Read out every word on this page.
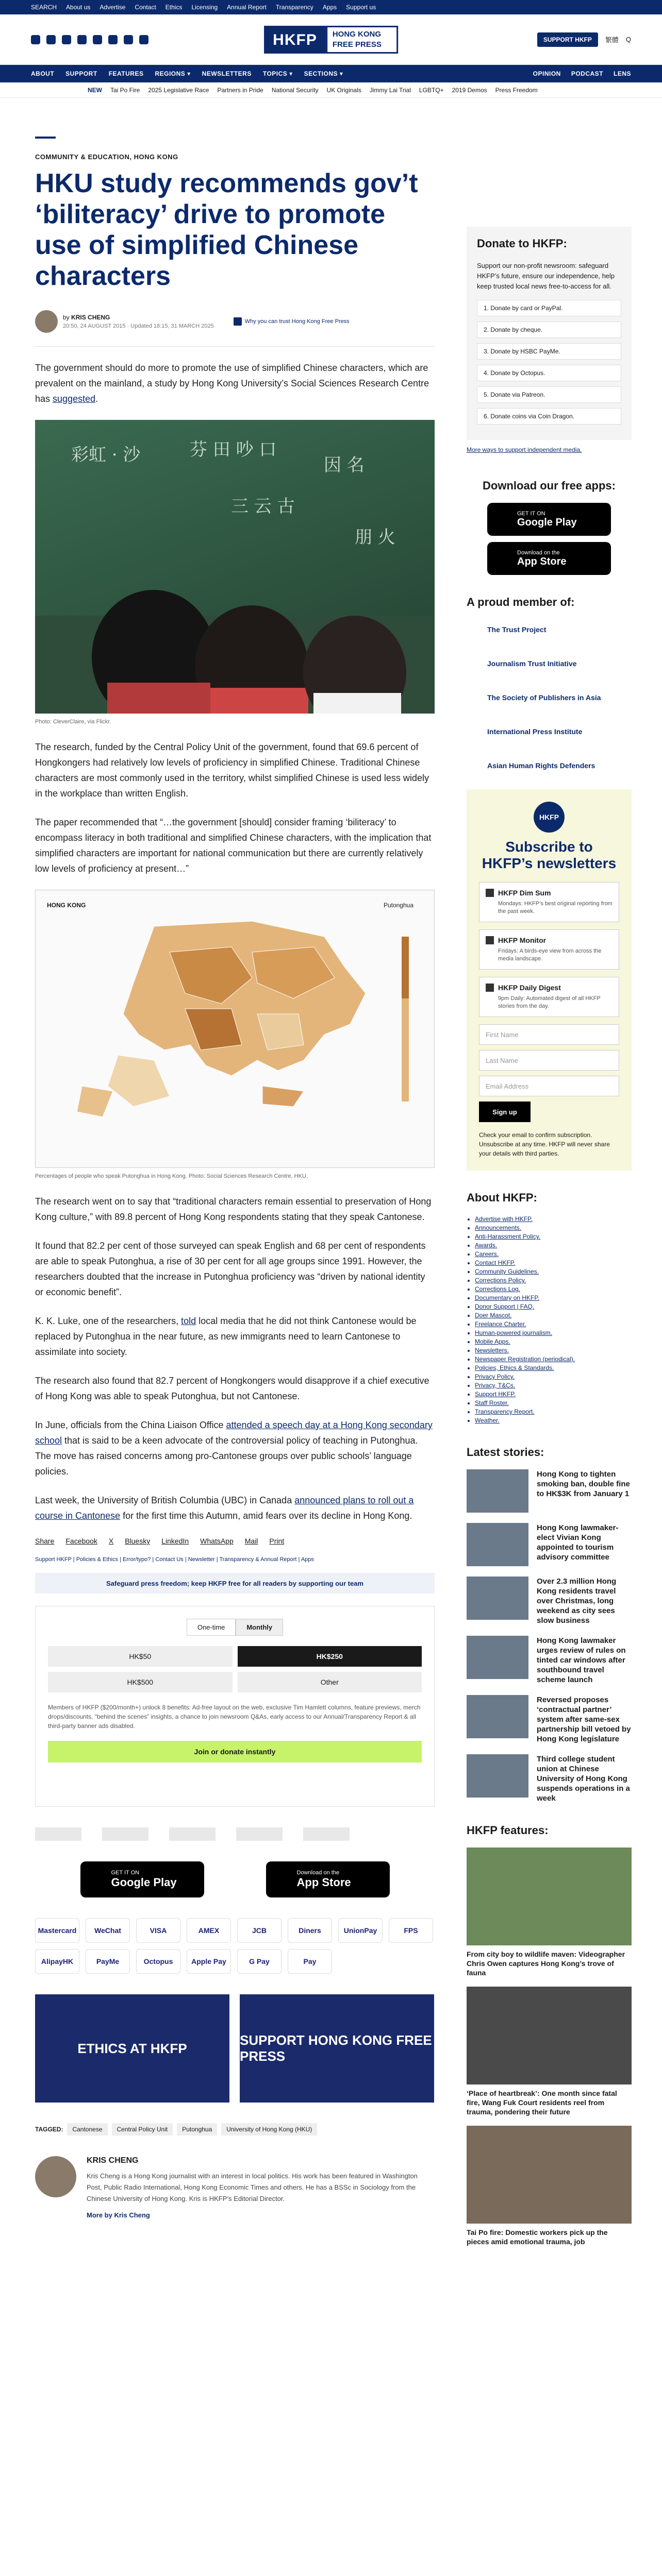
SEARCH About us Advertise Contact Ethics Licensing Annual Report Transparency Apps Support us
HKFP	HONG KONG FREE PRESS
SUPPORT HKFP	繁體 Q
ABOUT SUPPORT FEATURES REGIONS ▾ NEWSLETTERS TOPICS ▾ SECTIONS ▾	OPINION PODCAST LENS
NEW Tai Po Fire 2025 Legislative Race Partners in Pride National Security UK Originals Jimmy Lai Trial LGBTQ+ 2019 Demos Press Freedom
COMMUNITY & EDUCATION, HONG KONG
HKU study recommends gov’t ‘biliteracy’ drive to promote use of simplified Chinese characters
by KRIS CHENG
20:50, 24 AUGUST 2015 · Updated 18:15, 31 MARCH 2025
Why you can trust Hong Kong Free Press

The government should do more to promote the use of simplified Chinese characters, which are prevalent on the mainland, a study by Hong Kong University’s Social Sciences Research Centre has suggested.

彩虹 · 沙	芬 田 吵 口
因 名
三 云 古
朋 火
Photo: CleverClaire, via Flickr.

The research, funded by the Central Policy Unit of the government, found that 69.6 percent of Hongkongers had relatively low levels of proficiency in simplified Chinese. Traditional Chinese characters are most commonly used in the territory, whilst simplified Chinese is used less widely in the workplace than written English.

The paper recommended that “…the government [should] consider framing ‘biliteracy’ to encompass literacy in both traditional and simplified Chinese characters, with the implication that simplified characters are important for national communication but there are currently relatively low levels of proficiency at present…”

HONG KONG	Putonghua
Percentages of people who speak Putonghua in Hong Kong. Photo: Social Sciences Research Centre, HKU.

The research went on to say that “traditional characters remain essential to preservation of Hong Kong culture,” with 89.8 percent of Hong Kong respondents stating that they speak Cantonese.

It found that 82.2 per cent of those surveyed can speak English and 68 per cent of respondents are able to speak Putonghua, a rise of 30 per cent for all age groups since 1991. However, the researchers doubted that the increase in Putonghua proficiency was “driven by national identity or economic benefit”.

K. K. Luke, one of the researchers, told local media that he did not think Cantonese would be replaced by Putonghua in the near future, as new immigrants need to learn Cantonese to assimilate into society.

The research also found that 82.7 percent of Hongkongers would disapprove if a chief executive of Hong Kong was able to speak Putonghua, but not Cantonese.

In June, officials from the China Liaison Office attended a speech day at a Hong Kong secondary school that is said to be a keen advocate of the controversial policy of teaching in Putonghua. The move has raised concerns among pro-Cantonese groups over public schools’ language policies.

Last week, the University of British Columbia (UBC) in Canada announced plans to roll out a course in Cantonese for the first time this Autumn, amid fears over its decline in Hong Kong.

Share Facebook X Bluesky LinkedIn WhatsApp Mail Print
Support HKFP | Policies & Ethics | Error/typo? | Contact Us | Newsletter | Transparency & Annual Report | Apps
Safeguard press freedom; keep HKFP free for all readers by supporting our team
One-time	Monthly
HK$50	HK$250
HK$500	Other
Members of HKFP ($200/month+) unlock 8 benefits: Ad-free layout on the web, exclusive Tim Hamlett columns, feature previews, merch drops/discounts, “behind the scenes” insights, a chance to join newsroom Q&As, early access to our Annual/Transparency Report & all third-party banner ads disabled.
Join or donate instantly
GET IT ON
Google Play
Download on the
App Store
Mastercard	WeChat	VISA	AMEX	JCB	Diners	UnionPay	FPS
AlipayHK	PayMe	Octopus	Apple Pay	G Pay	Pay
ETHICS AT HKFP
SUPPORT HONG KONG FREE PRESS
TAGGED:	Cantonese	Central Policy Unit	Putonghua	University of Hong Kong (HKU)
KRIS CHENG

Kris Cheng is a Hong Kong journalist with an interest in local politics. His work has been featured in Washington Post, Public Radio International, Hong Kong Economic Times and others. He has a BSSc in Sociology from the Chinese University of Hong Kong. Kris is HKFP’s Editorial Director.

More by Kris Cheng

Donate to HKFP:

Support our non-profit newsroom: safeguard HKFP’s future, ensure our independence, help keep trusted local news free-to-access for all.

1. Donate by card or PayPal.
2. Donate by cheque.
3. Donate by HSBC PayMe.
4. Donate by Octopus.
5. Donate via Patreon.
6. Donate coins via Coin Dragon.
More ways to support independent media.
Download our free apps:
GET IT ON
Google Play
Download on the
App Store
A proud member of:
The Trust Project
Journalism Trust Initiative
The Society of Publishers in Asia
International Press Institute
Asian Human Rights Defenders
HKFP
Subscribe to HKFP’s newsletters
HKFP Dim Sum
Mondays: HKFP’s best original reporting from the past week.
HKFP Monitor
Fridays: A birds-eye view from across the media landscape.
HKFP Daily Digest
9pm Daily: Automated digest of all HKFP stories from the day.
First Name
Last Name
Email Address
Sign up
Check your email to confirm subscription. Unsubscribe at any time. HKFP will never share your details with third parties.
About HKFP:
• Advertise with HKFP.
• Announcements.
• Anti-Harassment Policy.
• Awards.
• Careers.
• Contact HKFP.
• Community Guidelines.
• Corrections Policy.
• Corrections Log.
• Documentary on HKFP.
• Donor Support | FAQ.
• Doer Mascot.
• Freelance Charter.
• Human-powered journalism.
• Mobile Apps.
• Newsletters.
• Newspaper Registration (periodical).
• Policies, Ethics & Standards.
• Privacy Policy.
• Privacy, T&Cs.
• Support HKFP.
• Staff Roster.
• Transparency Report.
• Weather.
Latest stories:

Hong Kong to tighten smoking ban, double fine to HK$3K from January 1

Hong Kong lawmaker-elect Vivian Kong appointed to tourism advisory committee

Over 2.3 million Hong Kong residents travel over Christmas, long weekend as city sees slow business

Hong Kong lawmaker urges review of rules on tinted car windows after southbound travel scheme launch

Reversed proposes ‘contractual partner’ system after same-sex partnership bill vetoed by Hong Kong legislature

Third college student union at Chinese University of Hong Kong suspends operations in a week

HKFP features:

From city boy to wildlife maven: Videographer Chris Owen captures Hong Kong’s trove of fauna

‘Place of heartbreak’: One month since fatal fire, Wang Fuk Court residents reel from trauma, pondering their future

Tai Po fire: Domestic workers pick up the pieces amid emotional trauma, job
